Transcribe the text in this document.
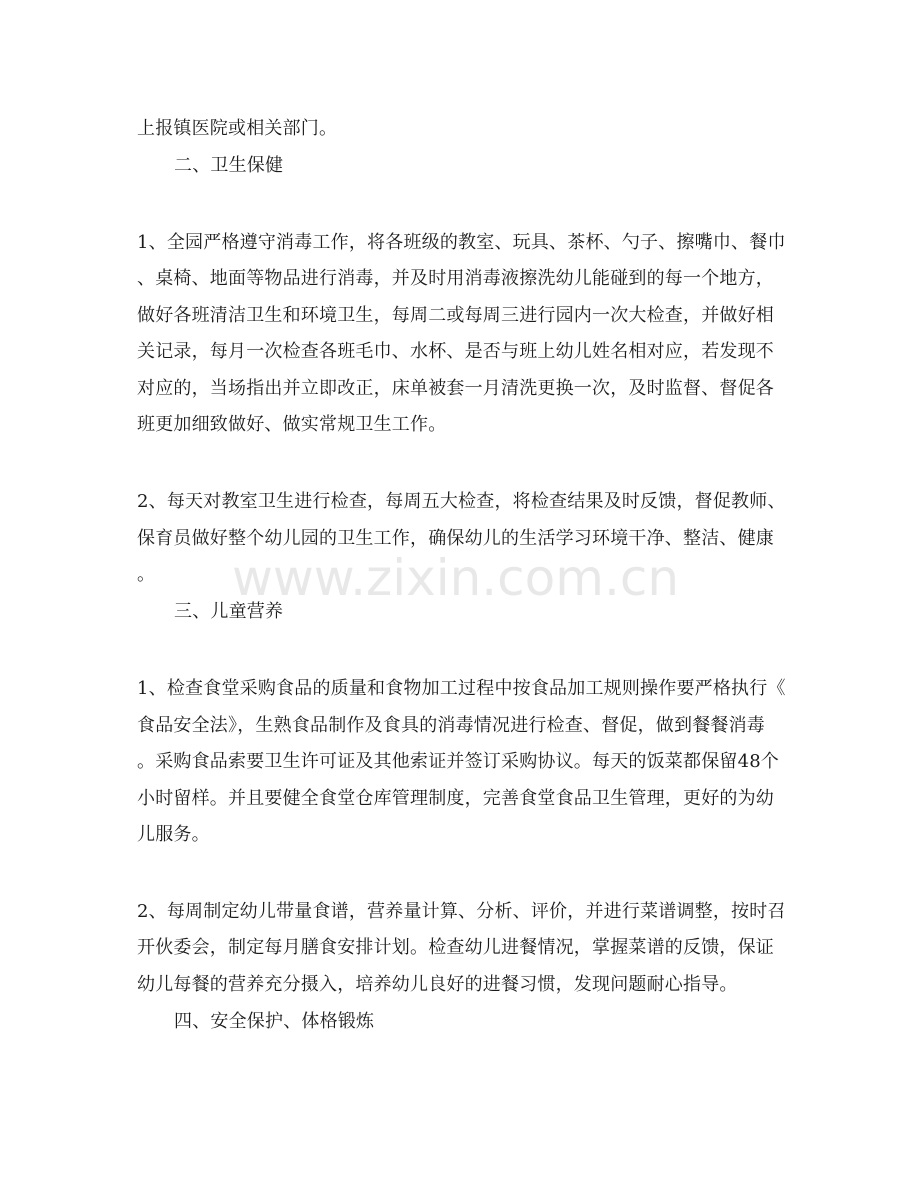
上报镇医院或相关部门。
二、卫生保健
1、全园严格遵守消毒工作，将各班级的教室、玩具、茶杯、勺子、擦嘴巾、餐巾
、桌椅、地面等物品进行消毒，并及时用消毒液擦洗幼儿能碰到的每一个地方，
做好各班清洁卫生和环境卫生，每周二或每周三进行园内一次大检查，并做好相
关记录，每月一次检查各班毛巾、水杯、是否与班上幼儿姓名相对应，若发现不
对应的，当场指出并立即改正，床单被套一月清洗更换一次，及时监督、督促各
班更加细致做好、做实常规卫生工作。
2、每天对教室卫生进行检查，每周五大检查，将检查结果及时反馈，督促教师、
保育员做好整个幼儿园的卫生工作，确保幼儿的生活学习环境干净、整洁、健康
。
三、儿童营养
1、检查食堂采购食品的质量和食物加工过程中按食品加工规则操作要严格执行《
食品安全法》，生熟食品制作及食具的消毒情况进行检查、督促，做到餐餐消毒
。采购食品索要卫生许可证及其他索证并签订采购协议。每天的饭菜都保留48个
小时留样。并且要健全食堂仓库管理制度，完善食堂食品卫生管理，更好的为幼
儿服务。
2、每周制定幼儿带量食谱，营养量计算、分析、评价，并进行菜谱调整，按时召
开伙委会，制定每月膳食安排计划。检查幼儿进餐情况，掌握菜谱的反馈，保证
幼儿每餐的营养充分摄入，培养幼儿良好的进餐习惯，发现问题耐心指导。
四、安全保护、体格锻炼
www.zixin.com.cn
